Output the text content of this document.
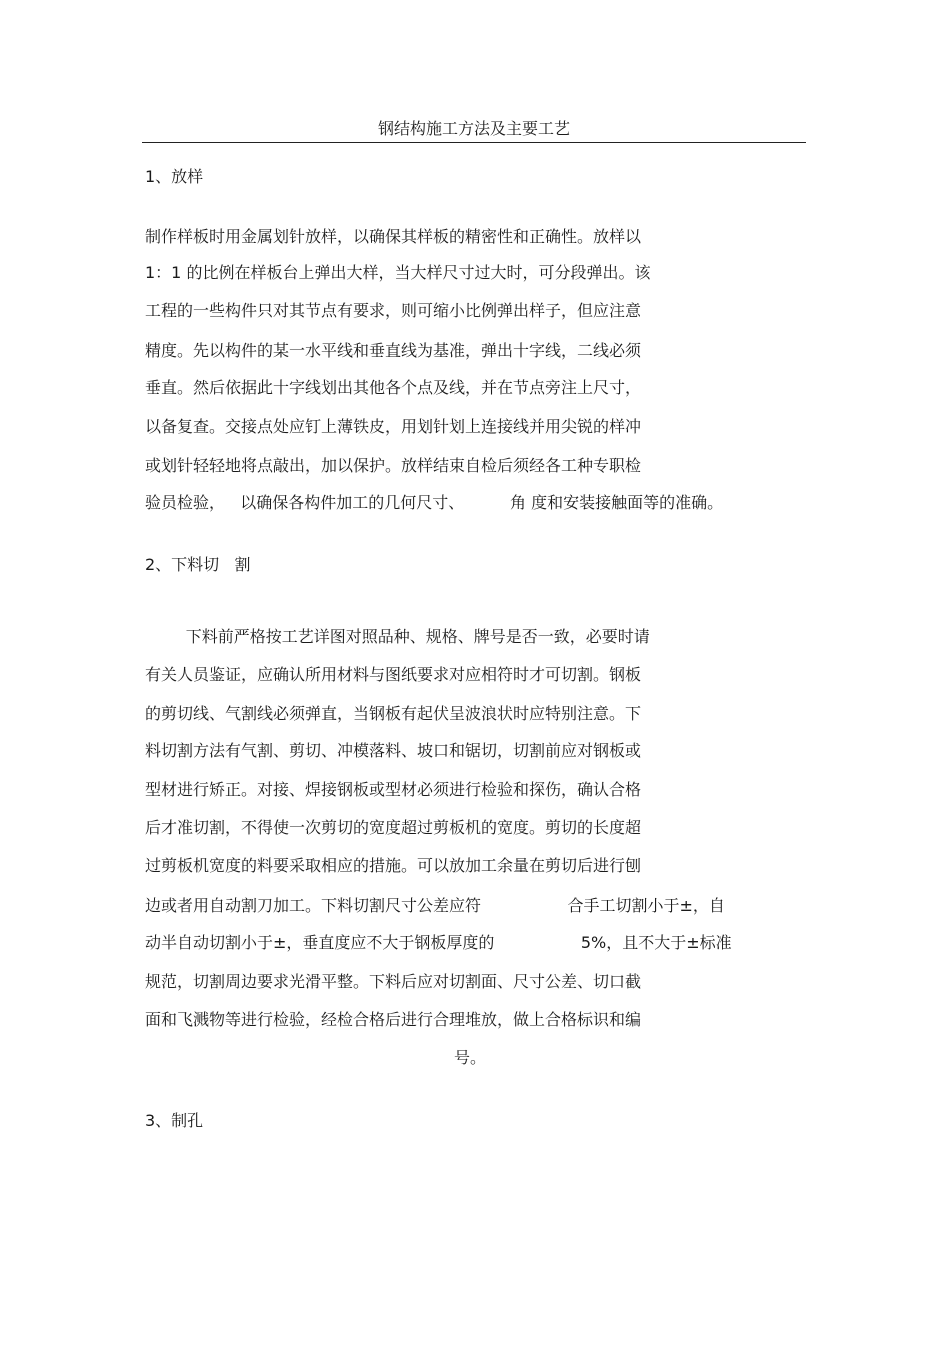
钢结构施工方法及主要工艺
1、放样
制作样板时用金属划针放样，以确保其样板的精密性和正确性。放样以
1：1 的比例在样板台上弹出大样，当大样尺寸过大时，可分段弹出。该
工程的一些构件只对其节点有要求，则可缩小比例弹出样子，但应注意
精度。先以构件的某一水平线和垂直线为基准，弹出十字线，二线必须
垂直。然后依据此十字线划出其他各个点及线，并在节点旁注上尺寸，
以备复查。交接点处应钉上薄铁皮，用划针划上连接线并用尖锐的样冲
或划针轻轻地将点敲出，加以保护。放样结束自检后须经各工种专职检
验员检验，   以确保各构件加工的几何尺寸、         角 度和安装接触面等的准确。
2、下料切   割
下料前严格按工艺详图对照品种、规格、牌号是否一致，必要时请
有关人员鉴证，应确认所用材料与图纸要求对应相符时才可切割。钢板
的剪切线、气割线必须弹直，当钢板有起伏呈波浪状时应特别注意。下
料切割方法有气割、剪切、冲模落料、坡口和锯切，切割前应对钢板或
型材进行矫正。对接、焊接钢板或型材必须进行检验和探伤，确认合格
后才准切割，不得使一次剪切的宽度超过剪板机的宽度。剪切的长度超
过剪板机宽度的料要采取相应的措施。可以放加工余量在剪切后进行刨
边或者用自动割刀加工。下料切割尺寸公差应符                 合手工切割小于±，自
动半自动切割小于±，垂直度应不大于钢板厚度的                 5%，且不大于±标准
规范，切割周边要求光滑平整。下料后应对切割面、尺寸公差、切口截
面和飞溅物等进行检验，经检合格后进行合理堆放，做上合格标识和编
号。
3、制孔
